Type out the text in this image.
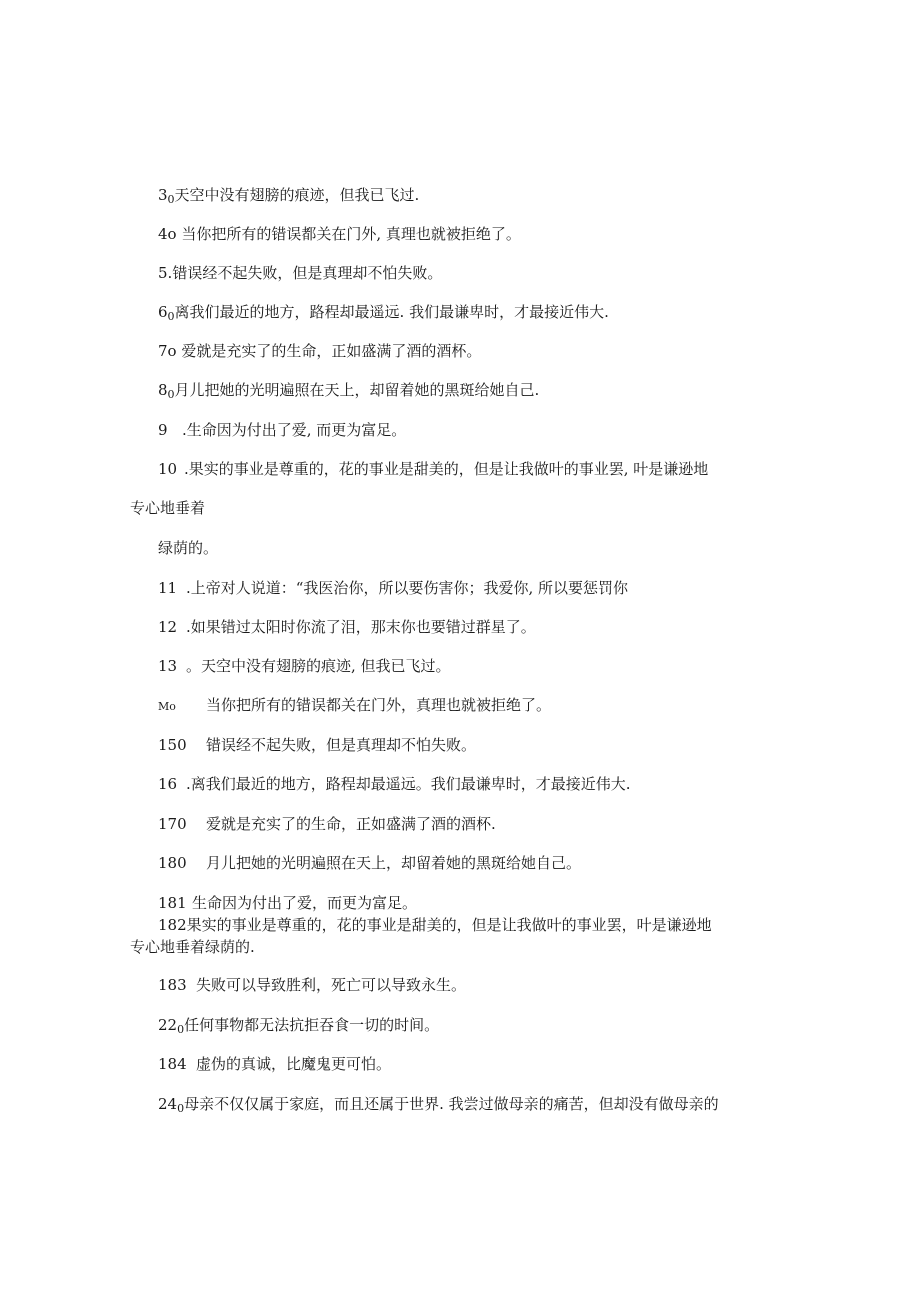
$3_0$天空中没有翅膀的痕迹，但我已飞过.
4o 当你把所有的错误都关在门外, 真理也就被拒绝了。
5.错误经不起失败，但是真理却不怕失败。
$6_0$离我们最近的地方，路程却最遥远. 我们最谦卑时，才最接近伟大.
7o 爱就是充实了的生命，正如盛满了酒的酒杯。
$8_0$月儿把她的光明遍照在天上，却留着她的黑斑给她自己.
9 .生命因为付出了爱, 而更为富足。
10 .果实的事业是尊重的，花的事业是甜美的，但是让我做叶的事业罢, 叶是谦逊地
专心地垂着
绿荫的。
11 .上帝对人说道：“我医治你，所以要伤害你；我爱你, 所以要惩罚你
12 .如果错过太阳时你流了泪，那末你也要错过群星了。
13 。天空中没有翅膀的痕迹, 但我已飞过。
Mo 当你把所有的错误都关在门外，真理也就被拒绝了。
150 错误经不起失败，但是真理却不怕失败。
16 .离我们最近的地方，路程却最遥远。我们最谦卑时，才最接近伟大.
170 爱就是充实了的生命，正如盛满了酒的酒杯.
180 月儿把她的光明遍照在天上，却留着她的黑斑给她自己。
181 生命因为付出了爱，而更为富足。
182果实的事业是尊重的，花的事业是甜美的，但是让我做叶的事业罢，叶是谦逊地
专心地垂着绿荫的.
183 失败可以导致胜利，死亡可以导致永生。
$22_0$任何事物都无法抗拒吞食一切的时间。
184 虚伪的真诚，比魔鬼更可怕。
$24_0$母亲不仅仅属于家庭，而且还属于世界. 我尝过做母亲的痛苦，但却没有做母亲的
